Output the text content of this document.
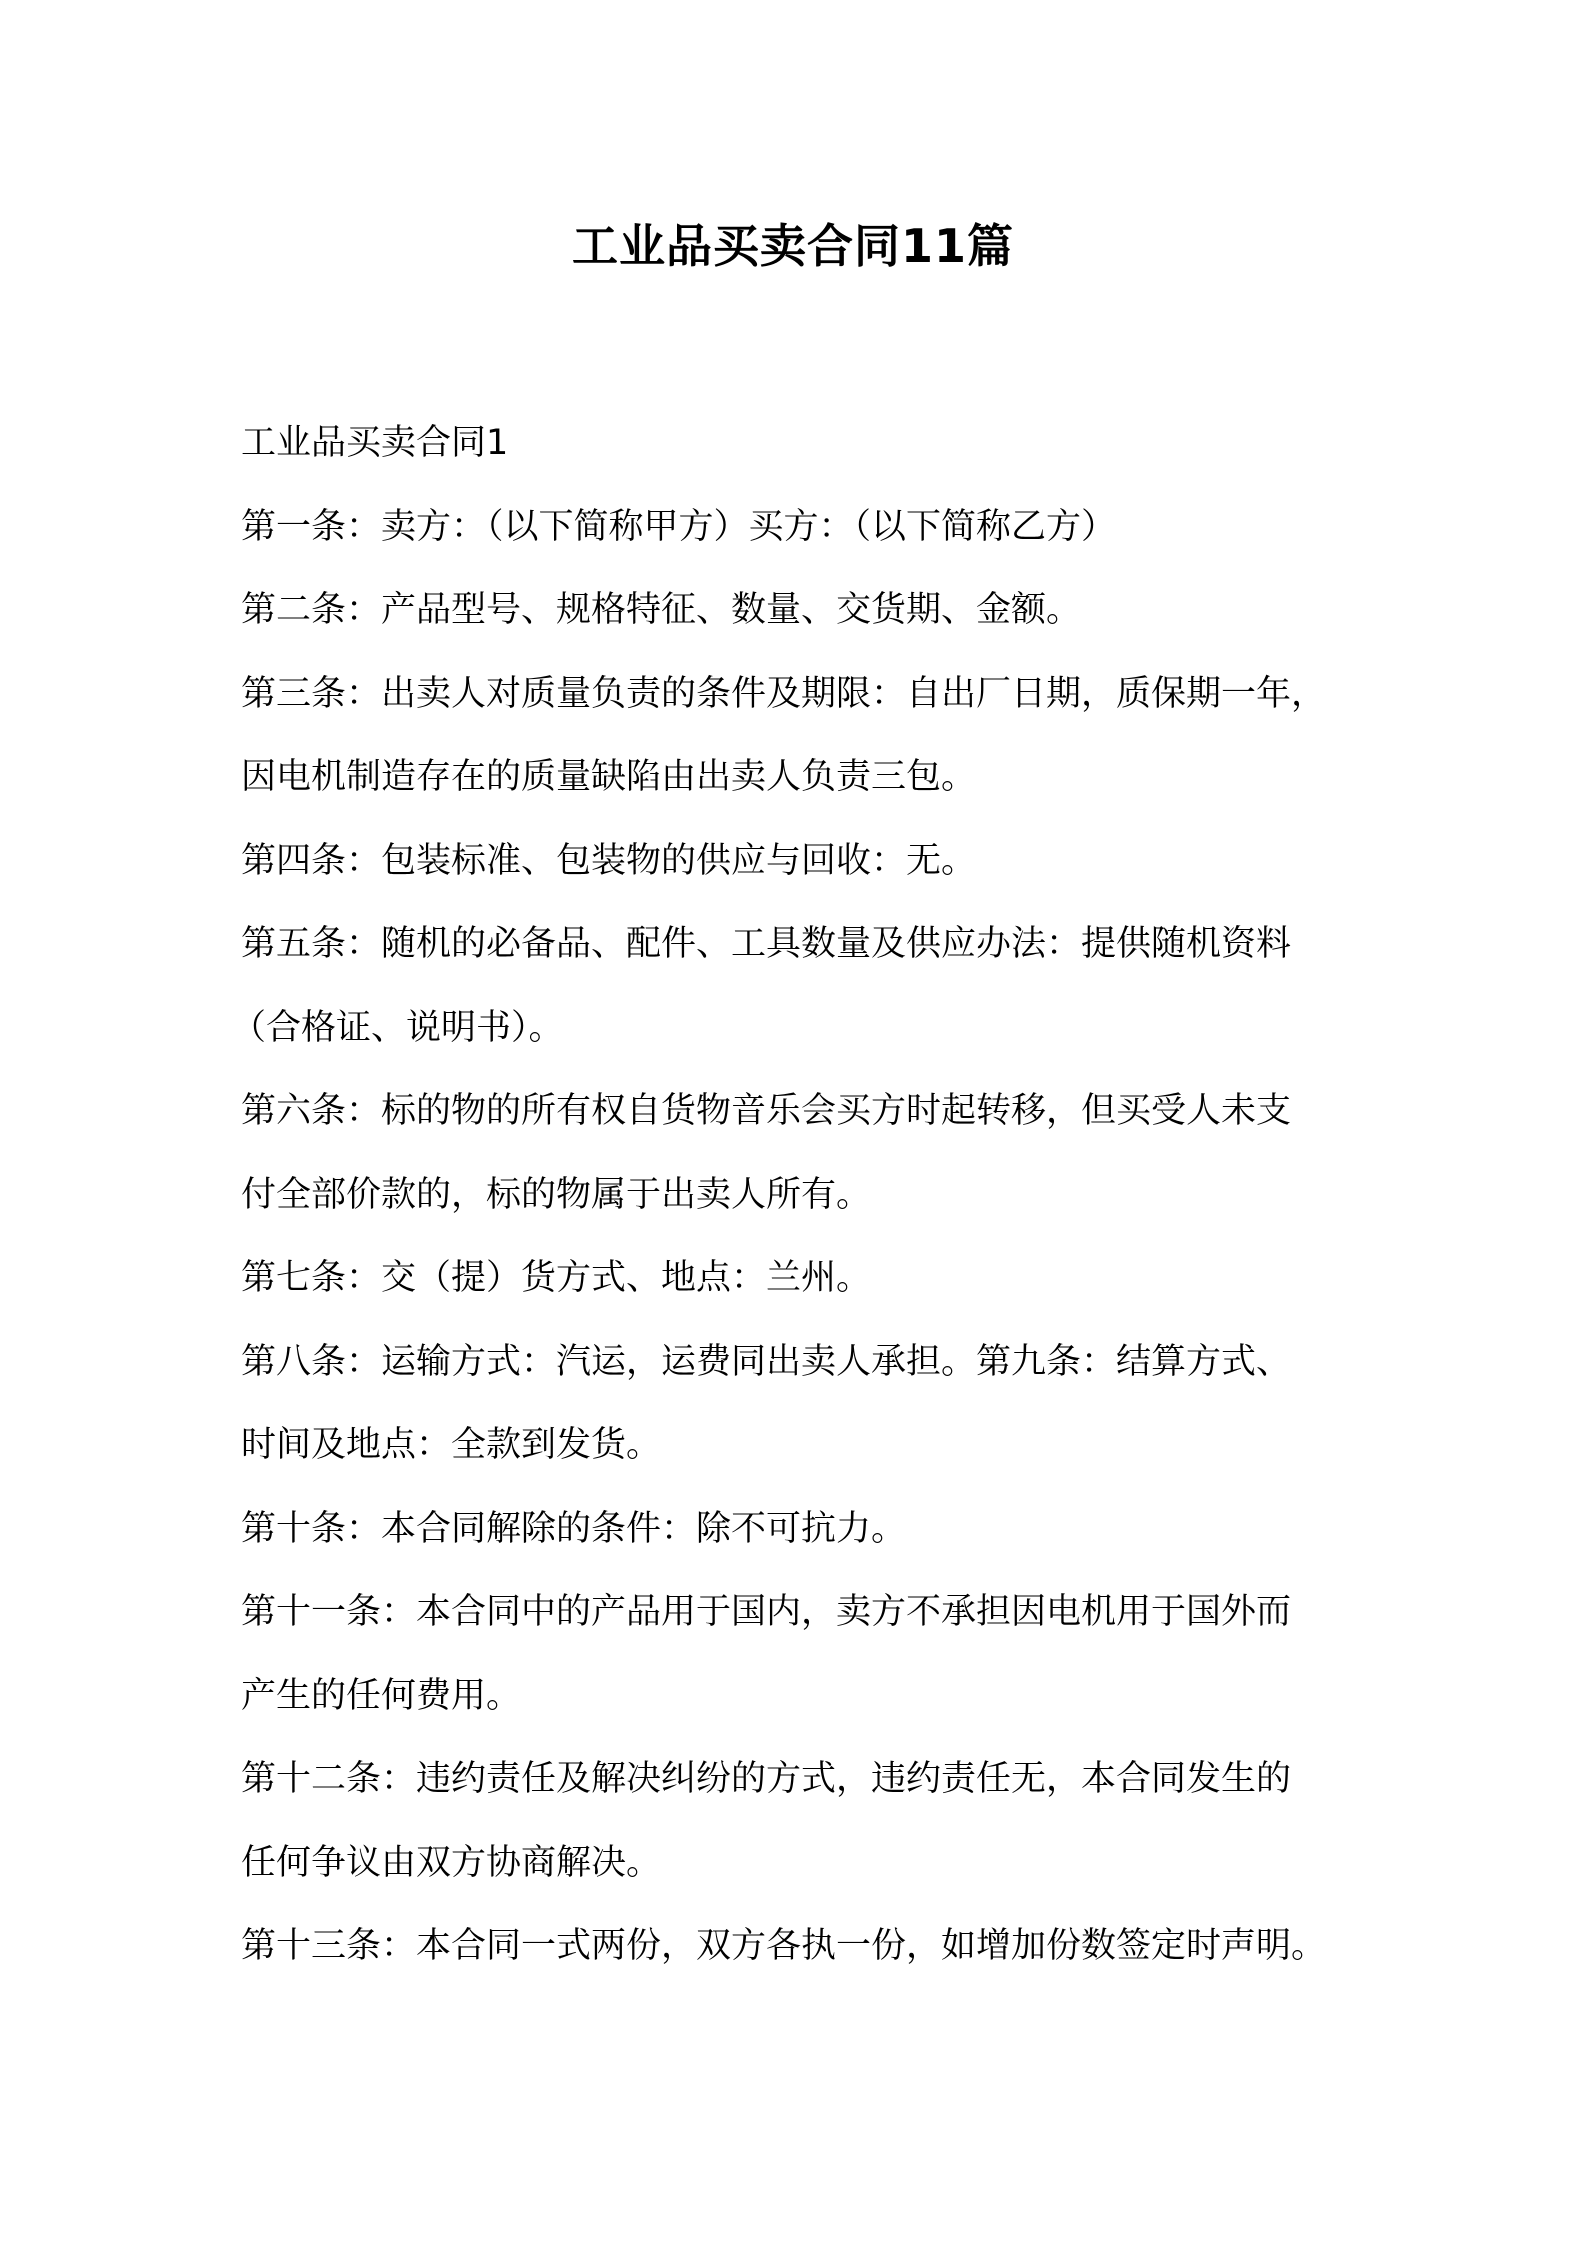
工业品买卖合同11篇
工业品买卖合同1
第一条：卖方：（以下简称甲方）买方：（以下简称乙方）
第二条：产品型号、规格特征、数量、交货期、金额。
第三条：出卖人对质量负责的条件及期限：自出厂日期，质保期一年，
因电机制造存在的质量缺陷由出卖人负责三包。
第四条：包装标准、包装物的供应与回收：无。
第五条：随机的必备品、配件、工具数量及供应办法：提供随机资料
（合格证、说明书）。
第六条：标的物的所有权自货物音乐会买方时起转移，但买受人未支
付全部价款的，标的物属于出卖人所有。
第七条：交（提）货方式、地点：兰州。
第八条：运输方式：汽运，运费同出卖人承担。第九条：结算方式、
时间及地点：全款到发货。
第十条：本合同解除的条件：除不可抗力。
第十一条：本合同中的产品用于国内，卖方不承担因电机用于国外而
产生的任何费用。
第十二条：违约责任及解决纠纷的方式，违约责任无，本合同发生的
任何争议由双方协商解决。
第十三条：本合同一式两份，双方各执一份，如增加份数签定时声明。
